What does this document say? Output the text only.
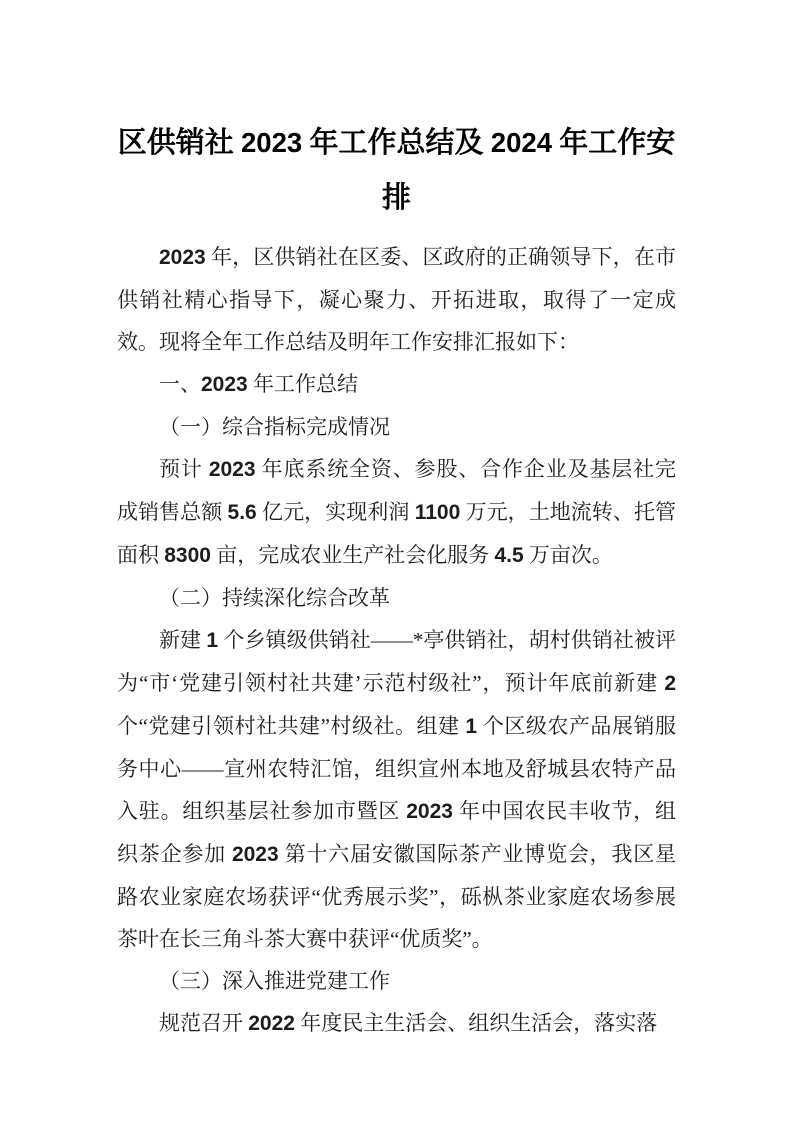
区供销社 2023 年工作总结及 2024 年工作安排

2023 年，区供销社在区委、区政府的正确领导下，在市供销社精心指导下，凝心聚力、开拓进取，取得了一定成效。现将全年工作总结及明年工作安排汇报如下：

一、2023 年工作总结

（一）综合指标完成情况

预计 2023 年底系统全资、参股、合作企业及基层社完成销售总额 5.6 亿元，实现利润 1100 万元，土地流转、托管面积 8300 亩，完成农业生产社会化服务 4.5 万亩次。

（二）持续深化综合改革

新建 1 个乡镇级供销社——*亭供销社，胡村供销社被评为“市‘党建引领村社共建’示范村级社”，预计年底前新建 2 个“党建引领村社共建”村级社。组建 1 个区级农产品展销服务中心——宣州农特汇馆，组织宣州本地及舒城县农特产品入驻。组织基层社参加市暨区 2023 年中国农民丰收节，组织茶企参加 2023 第十六届安徽国际茶产业博览会，我区星路农业家庭农场获评“优秀展示奖”，砾枞茶业家庭农场参展茶叶在长三角斗茶大赛中获评“优质奖”。

（三）深入推进党建工作

规范召开 2022 年度民主生活会、组织生活会，落实落
